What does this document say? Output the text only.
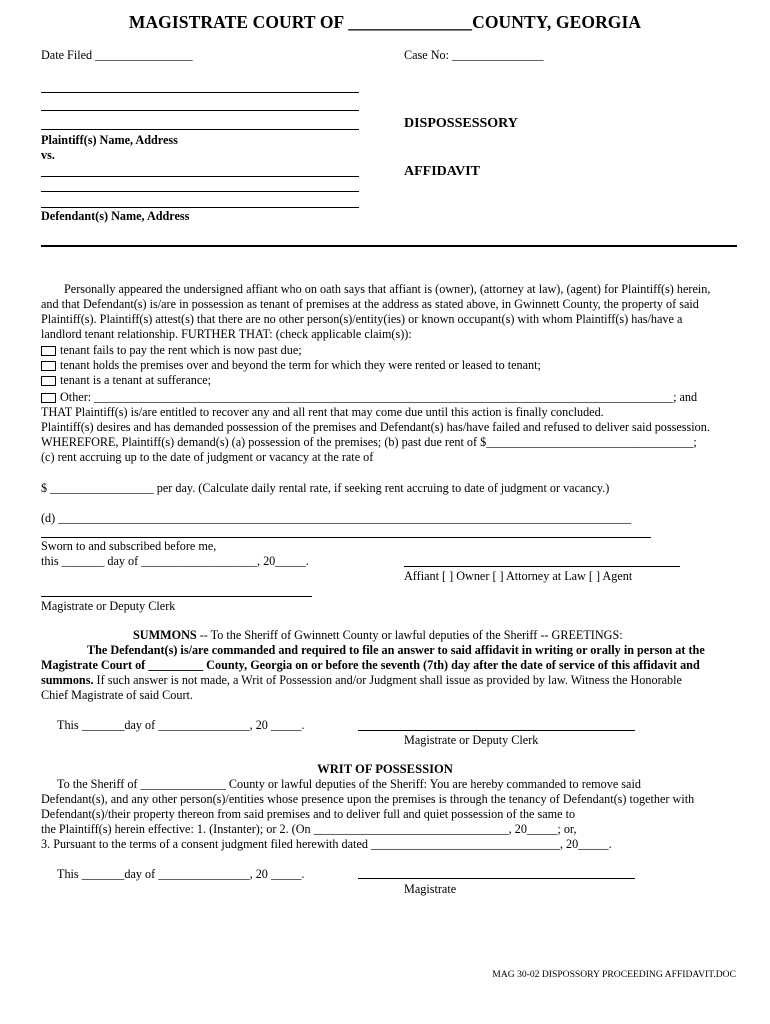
MAGISTRATE COURT OF ______________COUNTY, GEORGIA
Date Filed ________________	Case No: _______________
Plaintiff(s) Name, Address
vs.
Defendant(s) Name, Address
DISPOSSESSORY
AFFIDAVIT
Personally appeared the undersigned affiant who on oath says that affiant is (owner), (attorney at law), (agent) for Plaintiff(s) herein,
and that Defendant(s) is/are in possession as tenant of premises at the address as stated above, in Gwinnett County, the property of said
Plaintiff(s). Plaintiff(s) attest(s) that there are no other person(s)/entity(ies) or known occupant(s) with whom Plaintiff(s) has/have a
landlord tenant relationship. FURTHER THAT: (check applicable claim(s)):
tenant fails to pay the rent which is now past due;
tenant holds the premises over and beyond the term for which they were rented or leased to tenant;
tenant is a tenant at sufferance;
Other: _______________________________________________________________________________________________; and
THAT Plaintiff(s) is/are entitled to recover any and all rent that may come due until this action is finally concluded.
Plaintiff(s) desires and has demanded possession of the premises and Defendant(s) has/have failed and refused to deliver said possession.
WHEREFORE, Plaintiff(s) demand(s) (a) possession of the premises; (b) past due rent of $__________________________________;
(c) rent accruing up to the date of judgment or vacancy at the rate of
$ _________________ per day. (Calculate daily rental rate, if seeking rent accruing to date of judgment or vacancy.)
(d) ______________________________________________________________________________________________
Sworn to and subscribed before me,
this _______ day of ___________________, 20_____.
Affiant [ ] Owner [ ] Attorney at Law [ ] Agent
Magistrate or Deputy Clerk
SUMMONS -- To the Sheriff of Gwinnett County or lawful deputies of the Sheriff -- GREETINGS:
The Defendant(s) is/are commanded and required to file an answer to said affidavit in writing or orally in person at the
Magistrate Court of _________ County, Georgia on or before the seventh (7th) day after the date of service of this affidavit and
summons. If such answer is not made, a Writ of Possession and/or Judgment shall issue as provided by law. Witness the Honorable
Chief Magistrate of said Court.
This _______day of _______________, 20 _____.
Magistrate or Deputy Clerk
WRIT OF POSSESSION
To the Sheriff of ______________ County or lawful deputies of the Sheriff: You are hereby commanded to remove said
Defendant(s), and any other person(s)/entities whose presence upon the premises is through the tenancy of Defendant(s) together with
Defendant(s)/their property thereon from said premises and to deliver full and quiet possession of the same to
the Plaintiff(s) herein effective: 1. (Instanter); or 2. (On ________________________________, 20_____; or,
3. Pursuant to the terms of a consent judgment filed herewith dated _______________________________, 20_____.
This _______day of _______________, 20 _____.
Magistrate
MAG 30-02 DISPOSSORY PROCEEDING AFFIDAVIT.DOC
